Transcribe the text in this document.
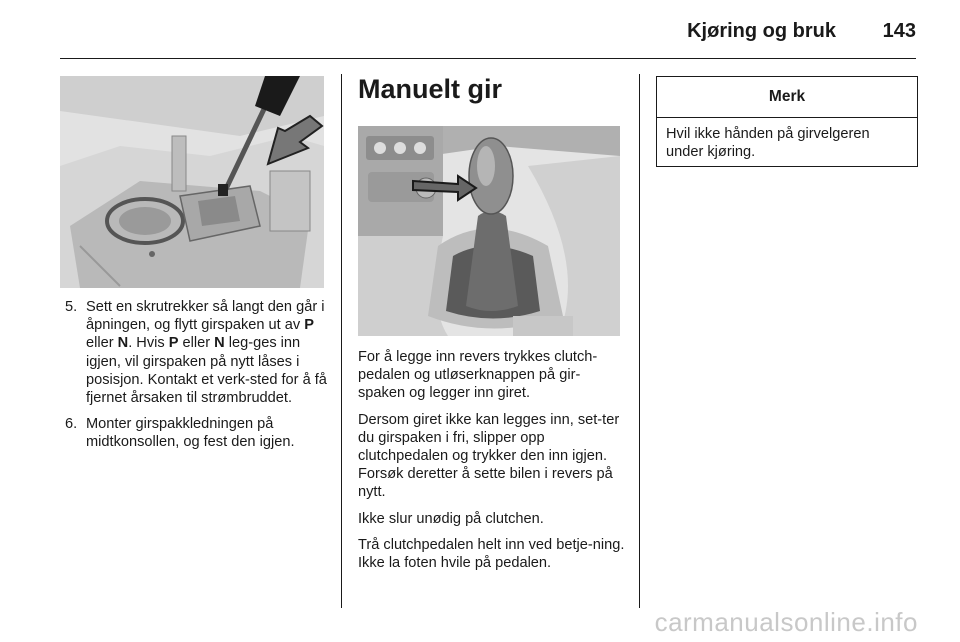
Kjøring og bruk 143
5. Sett en skrutrekker så langt den går i åpningen, og flytt girspaken ut av P eller N. Hvis P eller N leg-ges inn igjen, vil girspaken på nytt låses i posisjon. Kontakt et verk-sted for å få fjernet årsaken til strømbruddet.
6. Monter girspakkledningen på midtkonsollen, og fest den igjen.
Manuelt gir

For å legge inn revers trykkes clutch-pedalen og utløserknappen på gir-spaken og legger inn giret.

Dersom giret ikke kan legges inn, set-ter du girspaken i fri, slipper opp clutchpedalen og trykker den inn igjen. Forsøk deretter å sette bilen i revers på nytt.

Ikke slur unødig på clutchen.

Trå clutchpedalen helt inn ved betje-ning. Ikke la foten hvile på pedalen.

Merk
Hvil ikke hånden på girvelgeren under kjøring.
carmanualsonline.info
